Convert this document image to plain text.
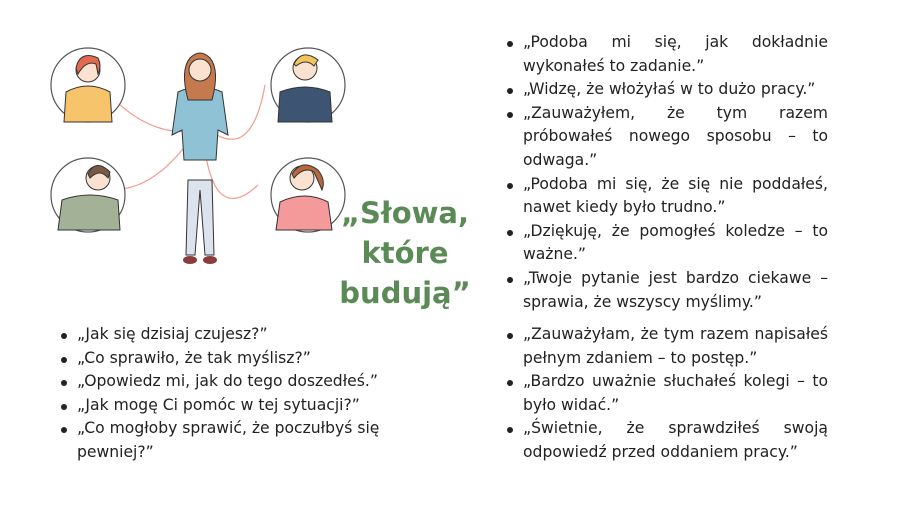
„Słowa,
które
budują”
„Podoba mi się, jak dokładnie wykonałeś to zadanie.”
„Widzę, że włożyłaś w to dużo pracy.”
„Zauważyłem, że tym razem próbowałeś nowego sposobu – to odwaga.”
„Podoba mi się, że się nie poddałeś, nawet kiedy było trudno.”
„Dziękuję, że pomogłeś koledze – to ważne.”
„Twoje pytanie jest bardzo ciekawe – sprawia, że wszyscy myślimy.”
„Jak się dzisiaj czujesz?”
„Co sprawiło, że tak myślisz?”
„Opowiedz mi, jak do tego doszedłeś.”
„Jak mogę Ci pomóc w tej sytuacji?”
„Co mogłoby sprawić, że poczułbyś się pewniej?”
„Zauważyłam, że tym razem napisałeś pełnym zdaniem – to postęp.”
„Bardzo uważnie słuchałeś kolegi – to było widać.”
„Świetnie, że sprawdziłeś swoją odpowiedź przed oddaniem pracy.”
